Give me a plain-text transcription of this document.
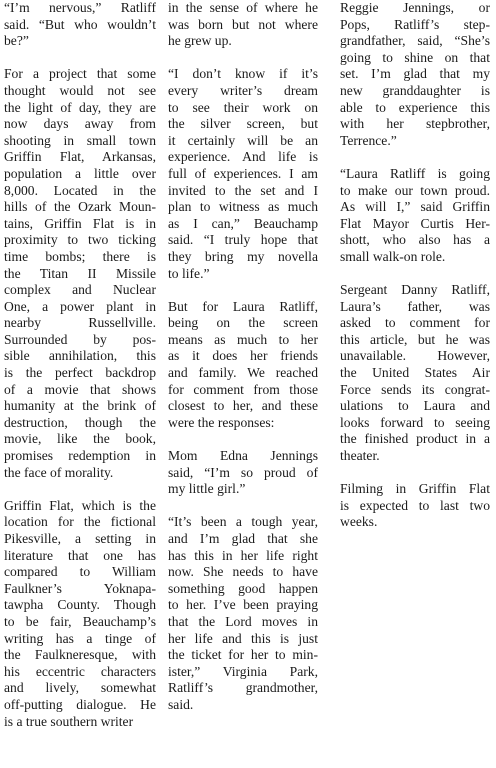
“I’m nervous,” Ratliff
said. “But who wouldn’t
be?”
For a project that some
thought would not see
the light of day, they are
now days away from
shooting in small town
Griffin Flat, Arkansas,
population a little over
8,000. Located in the
hills of the Ozark Moun-
tains, Griffin Flat is in
proximity to two ticking
time bombs; there is
the Titan II Missile
complex and Nuclear
One, a power plant in
nearby Russellville.
Surrounded by pos-
sible annihilation, this
is the perfect backdrop
of a movie that shows
humanity at the brink of
destruction, though the
movie, like the book,
promises redemption in
the face of morality.
Griffin Flat, which is the
location for the fictional
Pikesville, a setting in
literature that one has
compared to William
Faulkner’s Yoknapa-
tawpha County. Though
to be fair, Beauchamp’s
writing has a tinge of
the Faulkneresque, with
his eccentric characters
and lively, somewhat
off-putting dialogue. He
is a true southern writer
in the sense of where he
was born but not where
he grew up.
“I don’t know if it’s
every writer’s dream
to see their work on
the silver screen, but
it certainly will be an
experience. And life is
full of experiences. I am
invited to the set and I
plan to witness as much
as I can,” Beauchamp
said. “I truly hope that
they bring my novella
to life.”
But for Laura Ratliff,
being on the screen
means as much to her
as it does her friends
and family. We reached
for comment from those
closest to her, and these
were the responses:
Mom Edna Jennings
said, “I’m so proud of
my little girl.”
“It’s been a tough year,
and I’m glad that she
has this in her life right
now. She needs to have
something good happen
to her. I’ve been praying
that the Lord moves in
her life and this is just
the ticket for her to min-
ister,” Virginia Park,
Ratliff’s grandmother,
said.
Reggie Jennings, or
Pops, Ratliff’s step-
grandfather, said, “She’s
going to shine on that
set. I’m glad that my
new granddaughter is
able to experience this
with her stepbrother,
Terrence.”
“Laura Ratliff is going
to make our town proud.
As will I,” said Griffin
Flat Mayor Curtis Her-
shott, who also has a
small walk-on role.
Sergeant Danny Ratliff,
Laura’s father, was
asked to comment for
this article, but he was
unavailable. However,
the United States Air
Force sends its congrat-
ulations to Laura and
looks forward to seeing
the finished product in a
theater.
Filming in Griffin Flat
is expected to last two
weeks.
